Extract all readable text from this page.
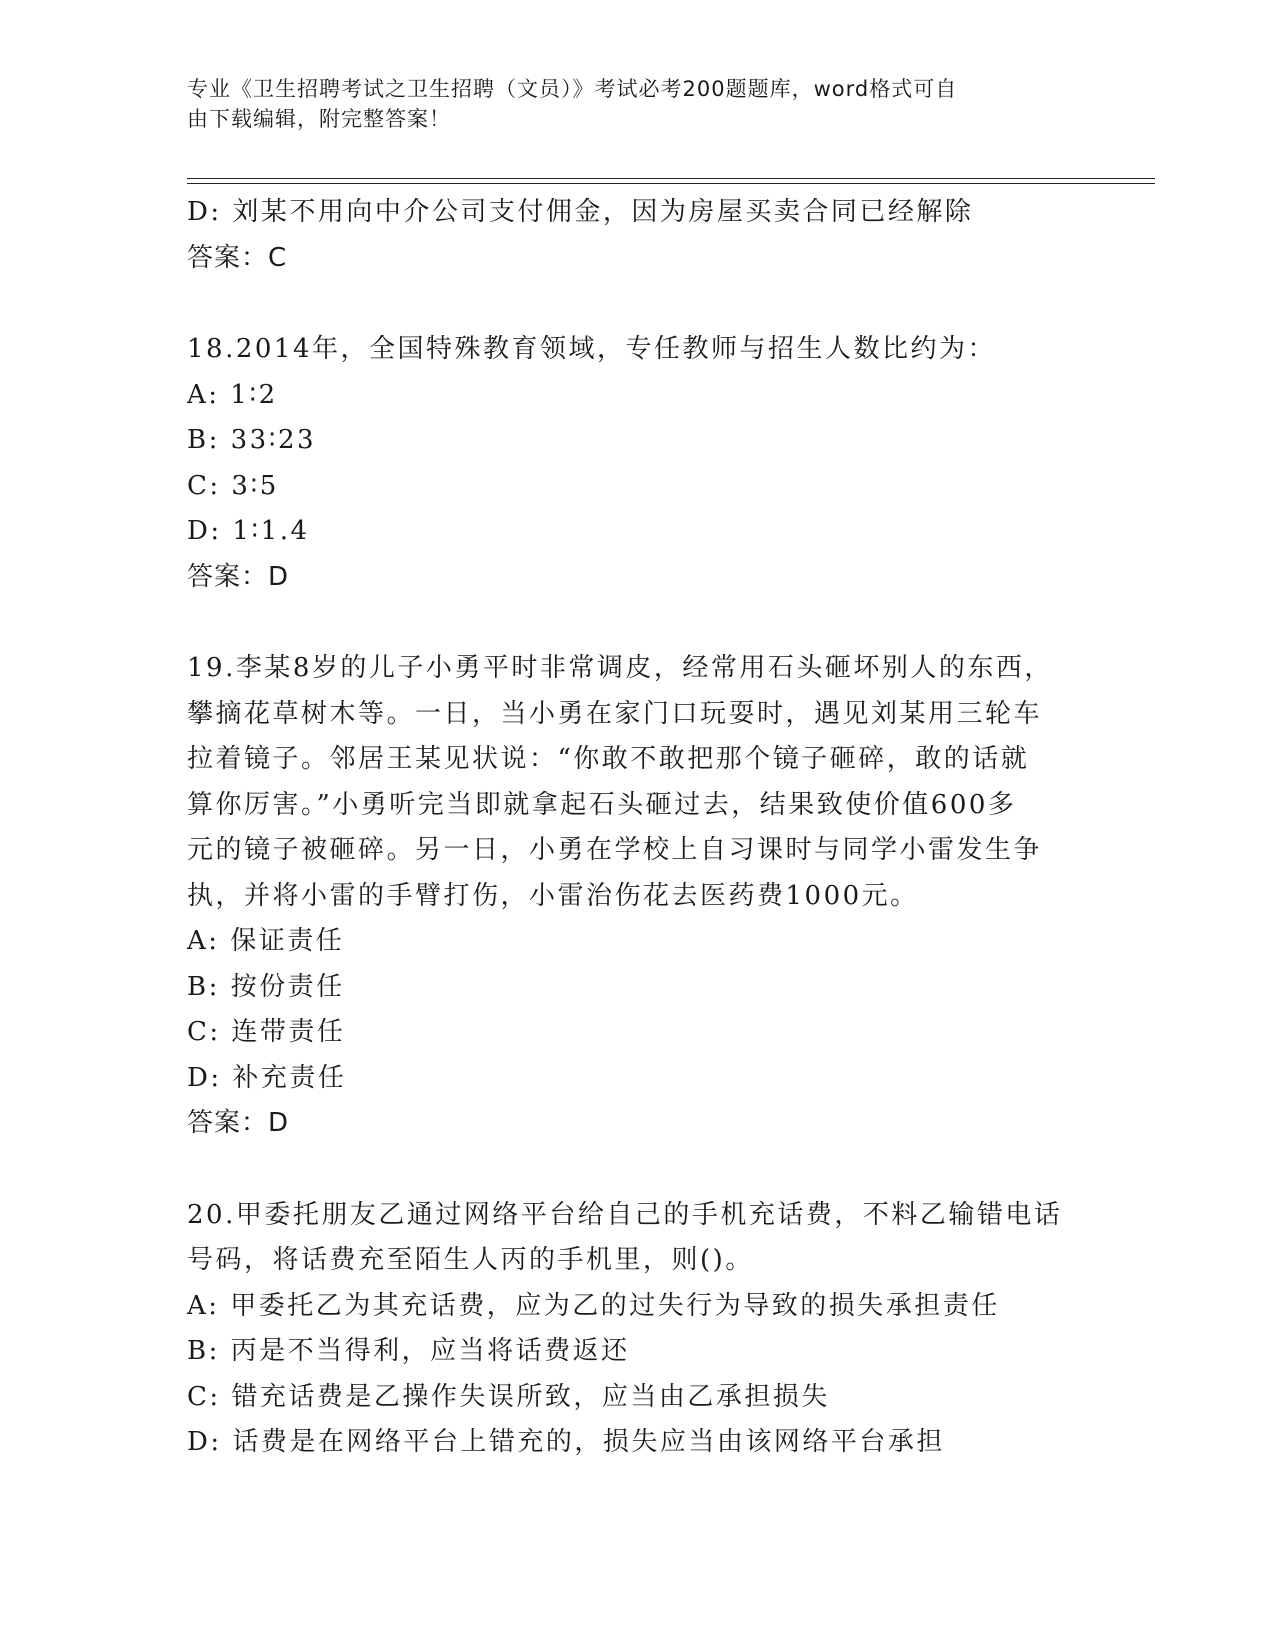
专业《卫生招聘考试之卫生招聘（文员）》考试必考200题题库，word格式可自
由下载编辑，附完整答案！
D: 刘某不用向中介公司支付佣金，因为房屋买卖合同已经解除
答案：C
18.2014年，全国特殊教育领域，专任教师与招生人数比约为：
A: 1∶2
B: 33∶23
C: 3∶5
D: 1∶1.4
答案：D
19.李某8岁的儿子小勇平时非常调皮，经常用石头砸坏别人的东西，
攀摘花草树木等。一日，当小勇在家门口玩耍时，遇见刘某用三轮车
拉着镜子。邻居王某见状说：“你敢不敢把那个镜子砸碎，敢的话就
算你厉害。”小勇听完当即就拿起石头砸过去，结果致使价值600多
元的镜子被砸碎。另一日，小勇在学校上自习课时与同学小雷发生争
执，并将小雷的手臂打伤，小雷治伤花去医药费1000元。
A: 保证责任
B: 按份责任
C: 连带责任
D: 补充责任
答案：D
20.甲委托朋友乙通过网络平台给自己的手机充话费，不料乙输错电话
号码，将话费充至陌生人丙的手机里，则()。
A: 甲委托乙为其充话费，应为乙的过失行为导致的损失承担责任
B: 丙是不当得利，应当将话费返还
C: 错充话费是乙操作失误所致，应当由乙承担损失
D: 话费是在网络平台上错充的，损失应当由该网络平台承担
